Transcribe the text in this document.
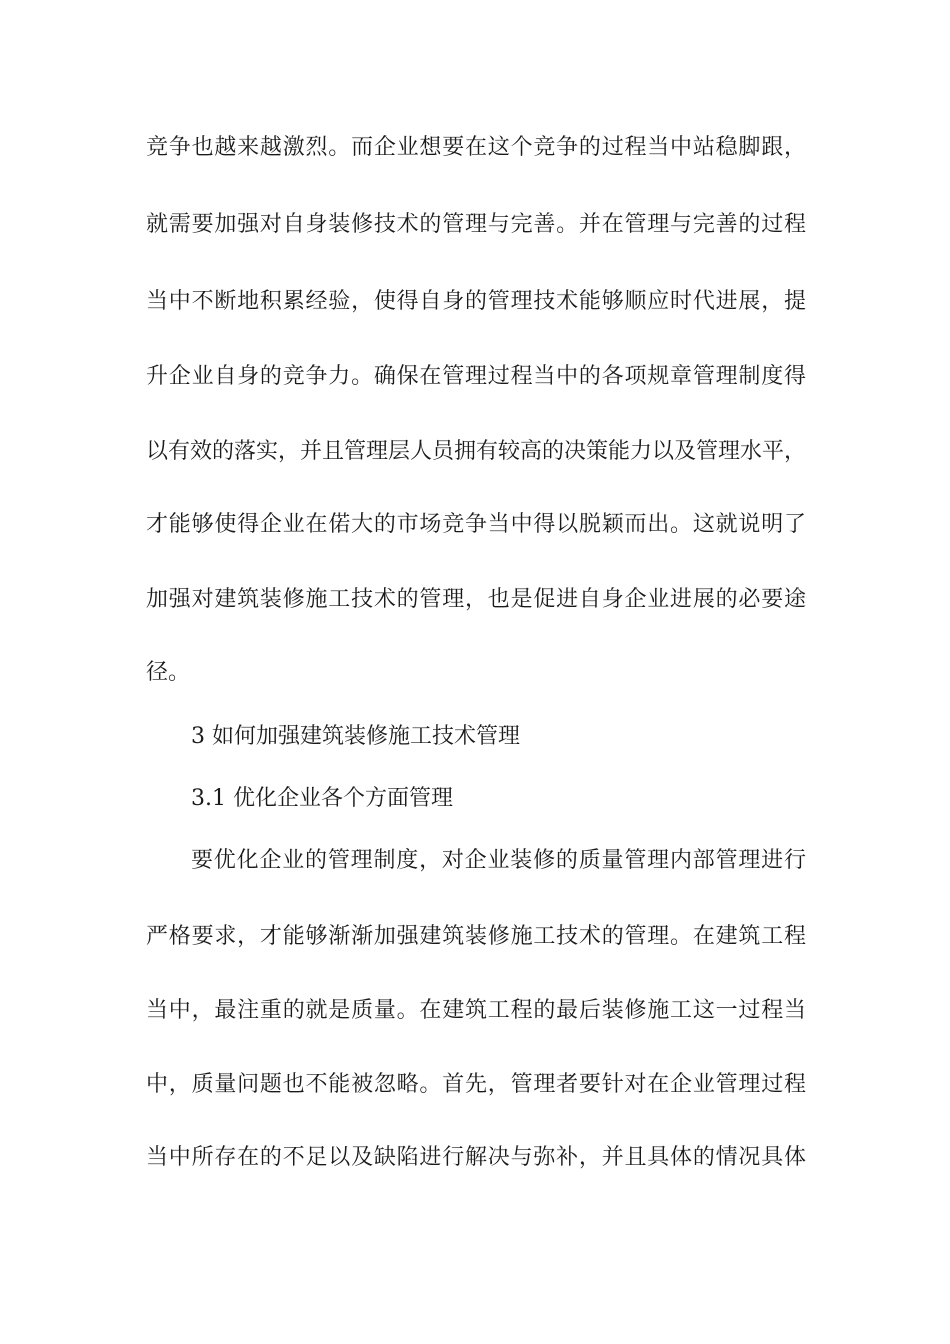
竞争也越来越激烈。而企业想要在这个竞争的过程当中站稳脚跟，
就需要加强对自身装修技术的管理与完善。并在管理与完善的过程
当中不断地积累经验，使得自身的管理技术能够顺应时代进展，提
升企业自身的竞争力。确保在管理过程当中的各项规章管理制度得
以有效的落实，并且管理层人员拥有较高的决策能力以及管理水平，
才能够使得企业在偌大的市场竞争当中得以脱颖而出。这就说明了
加强对建筑装修施工技术的管理，也是促进自身企业进展的必要途
径。
3 如何加强建筑装修施工技术管理
3.1 优化企业各个方面管理
要优化企业的管理制度，对企业装修的质量管理内部管理进行
严格要求，才能够渐渐加强建筑装修施工技术的管理。在建筑工程
当中，最注重的就是质量。在建筑工程的最后装修施工这一过程当
中，质量问题也不能被忽略。首先，管理者要针对在企业管理过程
当中所存在的不足以及缺陷进行解决与弥补，并且具体的情况具体
